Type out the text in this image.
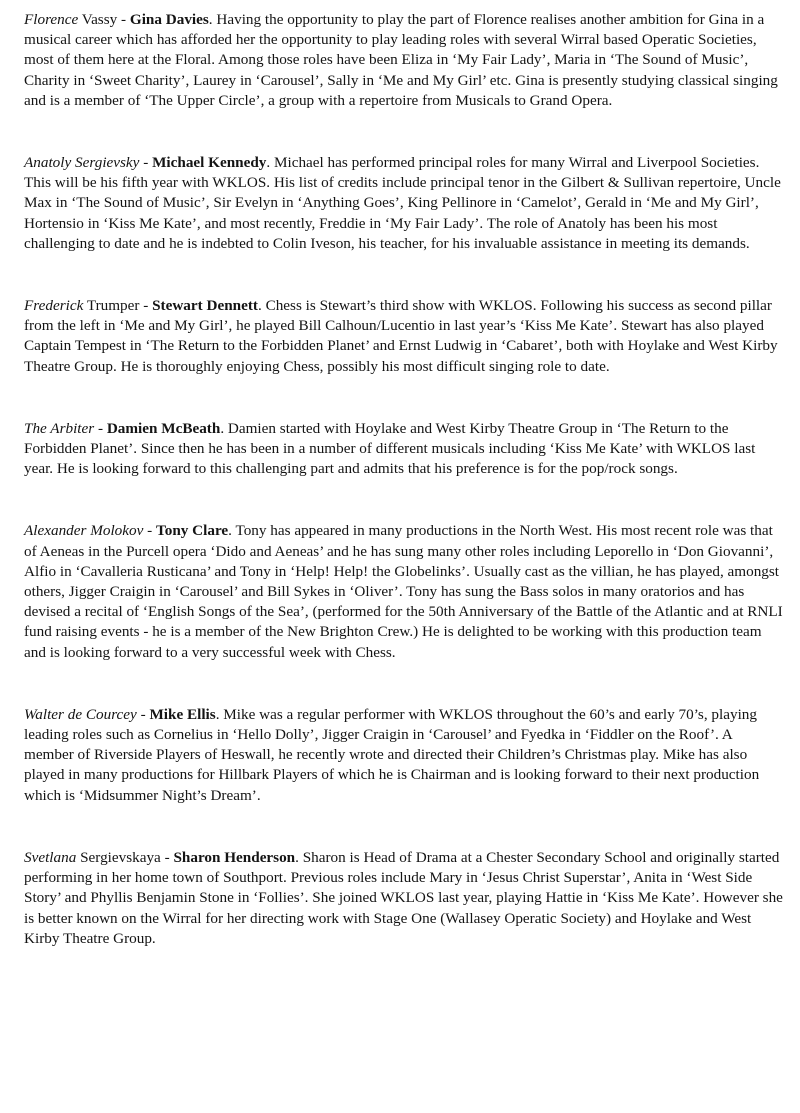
Florence Vassy - Gina Davies. Having the opportunity to play the part of Florence realises another ambition for Gina in a musical career which has afforded her the opportunity to play leading roles with several Wirral based Operatic Societies, most of them here at the Floral. Among those roles have been Eliza in ‘My Fair Lady’, Maria in ‘The Sound of Music’, Charity in ‘Sweet Charity’, Laurey in ‘Carousel’, Sally in ‘Me and My Girl’ etc. Gina is presently studying classical singing and is a member of ‘The Upper Circle’, a group with a repertoire from Musicals to Grand Opera.

Anatoly Sergievsky - Michael Kennedy. Michael has performed principal roles for many Wirral and Liverpool Societies. This will be his fifth year with WKLOS. His list of credits include principal tenor in the Gilbert & Sullivan repertoire, Uncle Max in ‘The Sound of Music’, Sir Evelyn in ‘Anything Goes’, King Pellinore in ‘Camelot’, Gerald in ‘Me and My Girl’, Hortensio in ‘Kiss Me Kate’, and most recently, Freddie in ‘My Fair Lady’. The role of Anatoly has been his most challenging to date and he is indebted to Colin Iveson, his teacher, for his invaluable assistance in meeting its demands.

Frederick Trumper - Stewart Dennett. Chess is Stewart’s third show with WKLOS. Following his success as second pillar from the left in ‘Me and My Girl’, he played Bill Calhoun/Lucentio in last year’s ‘Kiss Me Kate’. Stewart has also played Captain Tempest in ‘The Return to the Forbidden Planet’ and Ernst Ludwig in ‘Cabaret’, both with Hoylake and West Kirby Theatre Group. He is thoroughly enjoying Chess, possibly his most difficult singing role to date.

The Arbiter - Damien McBeath. Damien started with Hoylake and West Kirby Theatre Group in ‘The Return to the Forbidden Planet’. Since then he has been in a number of different musicals including ‘Kiss Me Kate’ with WKLOS last year. He is looking forward to this challenging part and admits that his preference is for the pop/rock songs.

Alexander Molokov - Tony Clare. Tony has appeared in many productions in the North West. His most recent role was that of Aeneas in the Purcell opera ‘Dido and Aeneas’ and he has sung many other roles including Leporello in ‘Don Giovanni’, Alfio in ‘Cavalleria Rusticana’ and Tony in ‘Help! Help! the Globelinks’. Usually cast as the villian, he has played, amongst others, Jigger Craigin in ‘Carousel’ and Bill Sykes in ‘Oliver’. Tony has sung the Bass solos in many oratorios and has devised a recital of ‘English Songs of the Sea’, (performed for the 50th Anniversary of the Battle of the Atlantic and at RNLI fund raising events - he is a member of the New Brighton Crew.) He is delighted to be working with this production team and is looking forward to a very successful week with Chess.

Walter de Courcey - Mike Ellis. Mike was a regular performer with WKLOS throughout the 60’s and early 70’s, playing leading roles such as Cornelius in ‘Hello Dolly’, Jigger Craigin in ‘Carousel’ and Fyedka in ‘Fiddler on the Roof’. A member of Riverside Players of Heswall, he recently wrote and directed their Children’s Christmas play. Mike has also played in many productions for Hillbark Players of which he is Chairman and is looking forward to their next production which is ‘Midsummer Night’s Dream’.

Svetlana Sergievskaya - Sharon Henderson. Sharon is Head of Drama at a Chester Secondary School and originally started performing in her home town of Southport. Previous roles include Mary in ‘Jesus Christ Superstar’, Anita in ‘West Side Story’ and Phyllis Benjamin Stone in ‘Follies’. She joined WKLOS last year, playing Hattie in ‘Kiss Me Kate’. However she is better known on the Wirral for her directing work with Stage One (Wallasey Operatic Society) and Hoylake and West Kirby Theatre Group.
